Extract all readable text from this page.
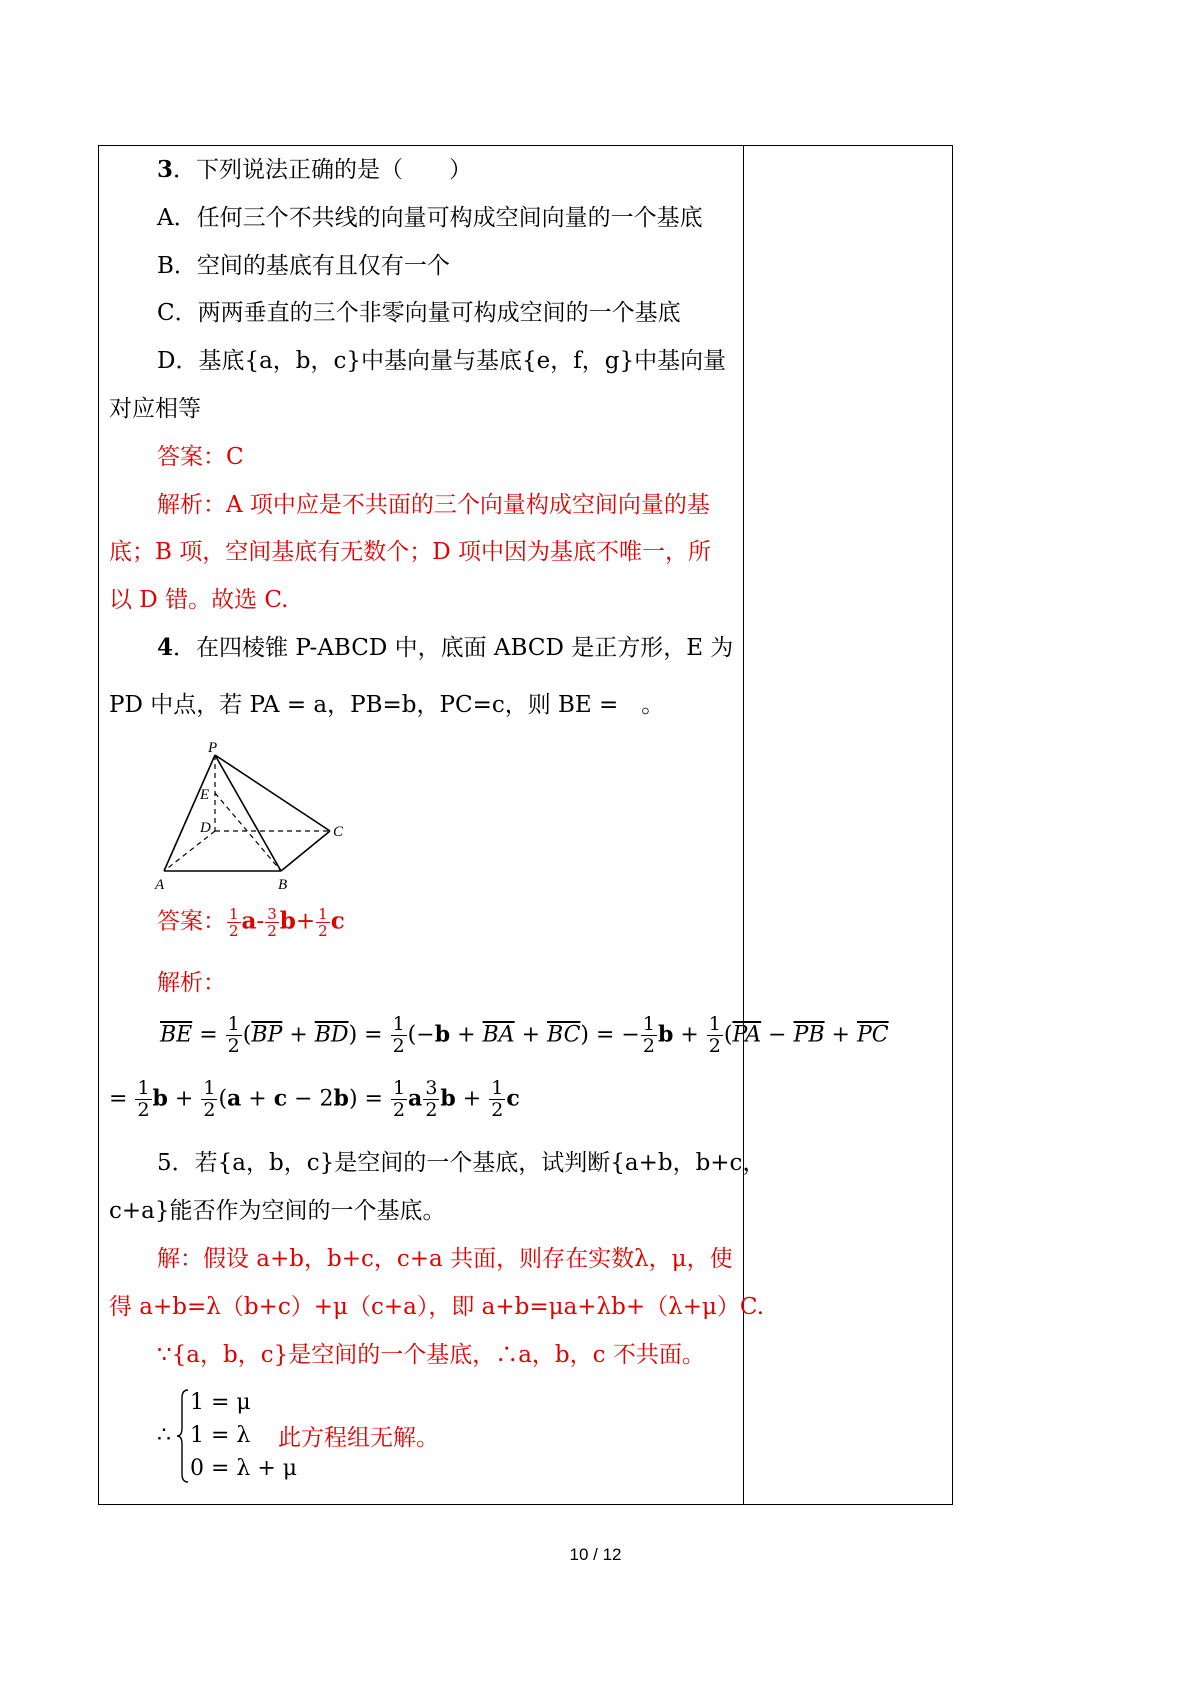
3．下列说法正确的是（　　）
A．任何三个不共线的向量可构成空间向量的一个基底
B．空间的基底有且仅有一个
C．两两垂直的三个非零向量可构成空间的一个基底
D．基底{a，b，c}中基向量与基底{e，f，g}中基向量
对应相等
答案：C
解析：A 项中应是不共面的三个向量构成空间向量的基
底；B 项，空间基底有无数个；D 项中因为基底不唯一，所
以 D 错。故选 C.
4．在四棱锥 P-ABCD 中，底面 ABCD 是正方形，E 为
PD 中点，若 PA = a，PB=b，PC=c，则 BE =　。
P
E
D	C
A	B
答案： $\frac{1}{2} a- \frac{3}{2} b+ \frac{1}{2}$ c
解析：
$\overline{BE} = \frac{1}{2} (\overline{BP} + \overline{BD}) = \frac{1}{2} (-b + \overline{BA} + \overline{BC})$ = − $\frac{1}{2}$ $b + \frac{1}{2} (\overline{PA} - \overline{PB} + \overline{PC}$
= $\frac{1}{2}$ $b + \frac{1}{2} (a + c - 2b) = \frac{1}{2}$ a $\frac{3}{2}$ $b + \frac{1}{2}$ c
5．若{a，b，c}是空间的一个基底，试判断{a+b，b+c，
c+a}能否作为空间的一个基底。
解：假设 a+b，b+c，c+a 共面，则存在实数λ，μ，使
得 a+b=λ（b+c）+μ（c+a），即 a+b=μa+λb+（λ+μ）C.
∵{a，b，c}是空间的一个基底，∴a，b，c 不共面。
∴
1 = μ
1 = λ
0 = λ + μ
此方程组无解。
10 / 12
